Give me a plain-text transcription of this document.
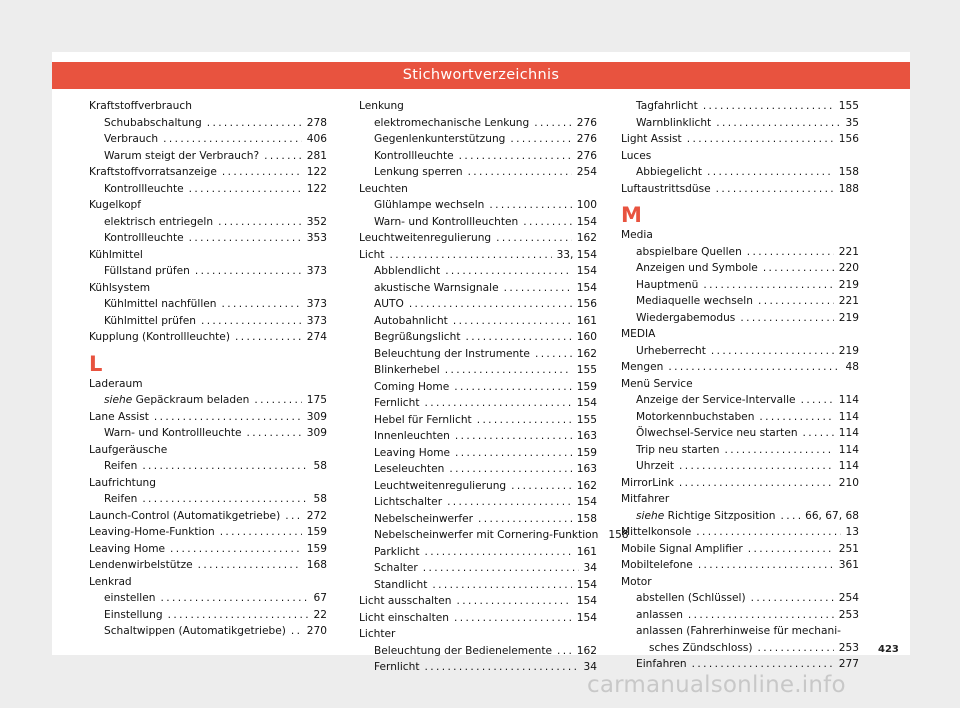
Stichwortverzeichnis
Kraftstoffverbrauch
Schubabschaltung . . .	278
Verbrauch . . .	406
Warum steigt der Verbrauch? . . .	281
Kraftstoffvorratsanzeige . . .	122
Kontrollleuchte . . .	122
Kugelkopf
elektrisch entriegeln . . .	352
Kontrollleuchte . . .	353
Kühlmittel
Füllstand prüfen . . .	373
Kühlsystem
Kühlmittel nachfüllen . . .	373
Kühlmittel prüfen . . .	373
Kupplung (Kontrollleuchte) . . .	274
L
Laderaum
siehe Gepäckraum beladen . . .	175
Lane Assist . . .	309
Warn- und Kontrollleuchte . . .	309
Laufgeräusche
Reifen . . .	58
Laufrichtung
Reifen . . .	58
Launch-Control (Automatikgetriebe) . . .	272
Leaving-Home-Funktion . . .	159
Leaving Home . . .	159
Lendenwirbelstütze . . .	168
Lenkrad
einstellen . . .	67
Einstellung . . .	22
Schaltwippen (Automatikgetriebe) . . . 270
Lenkung
elektromechanische Lenkung . . .	276
Gegenlenkunterstützung . . .	276
Kontrollleuchte . . .	276
Lenkung sperren . . .	254
Leuchten
Glühlampe wechseln . . .	100
Warn- und Kontrollleuchten . . .	154
Leuchtweitenregulierung . . .	162
Licht . . .	33, 154
Abblendlicht . . .	154
akustische Warnsignale . . .	154
AUTO . . .	156
Autobahnlicht . . .	161
Begrüßungslicht . . .	160
Beleuchtung der Instrumente . . .	162
Blinkerhebel . . .	155
Coming Home . . .	159
Fernlicht . . .	154
Hebel für Fernlicht . . .	155
Innenleuchten . . .	163
Leaving Home . . .	159
Leseleuchten . . .	163
Leuchtweitenregulierung . . .	162
Lichtschalter . . .	154
Nebelscheinwerfer . . .	158
Nebelscheinwerfer mit Cornering-Funktion 158
Parklicht . . .	161
Schalter . . .	34
Standlicht . . .	154
Licht ausschalten . . .	154
Licht einschalten . . .	154
Lichter
Beleuchtung der Bedienelemente . . . 162
Fernlicht . . .	34
Tagfahrlicht . . .	155
Warnblinklicht . . .	35
Light Assist . . .	156
Luces
Abbiegelicht . . .	158
Luftaustrittsdüse . . .	188
M
Media
abspielbare Quellen . . .	221
Anzeigen und Symbole . . .	220
Hauptmenü . . .	219
Mediaquelle wechseln . . .	221
Wiedergabemodus . . .	219
MEDIA
Urheberrecht . . .	219
Mengen . . .	48
Menü Service
Anzeige der Service-Intervalle . . .	114
Motorkennbuchstaben . . .	114
Ölwechsel-Service neu starten . . .	114
Trip neu starten . . .	114
Uhrzeit . . .	114
MirrorLink . . .	210
Mitfahrer
siehe Richtige Sitzposition . . .	66, 67, 68
Mittelkonsole . . .	13
Mobile Signal Amplifier . . .	251
Mobiltelefone . . .	361
Motor
abstellen (Schlüssel) . . .	254
anlassen . . .	253
anlassen (Fahrerhinweise für mechani-
sches Zündschloss) . . .	253
Einfahren . . .	277
423
carmanualsonline.info
